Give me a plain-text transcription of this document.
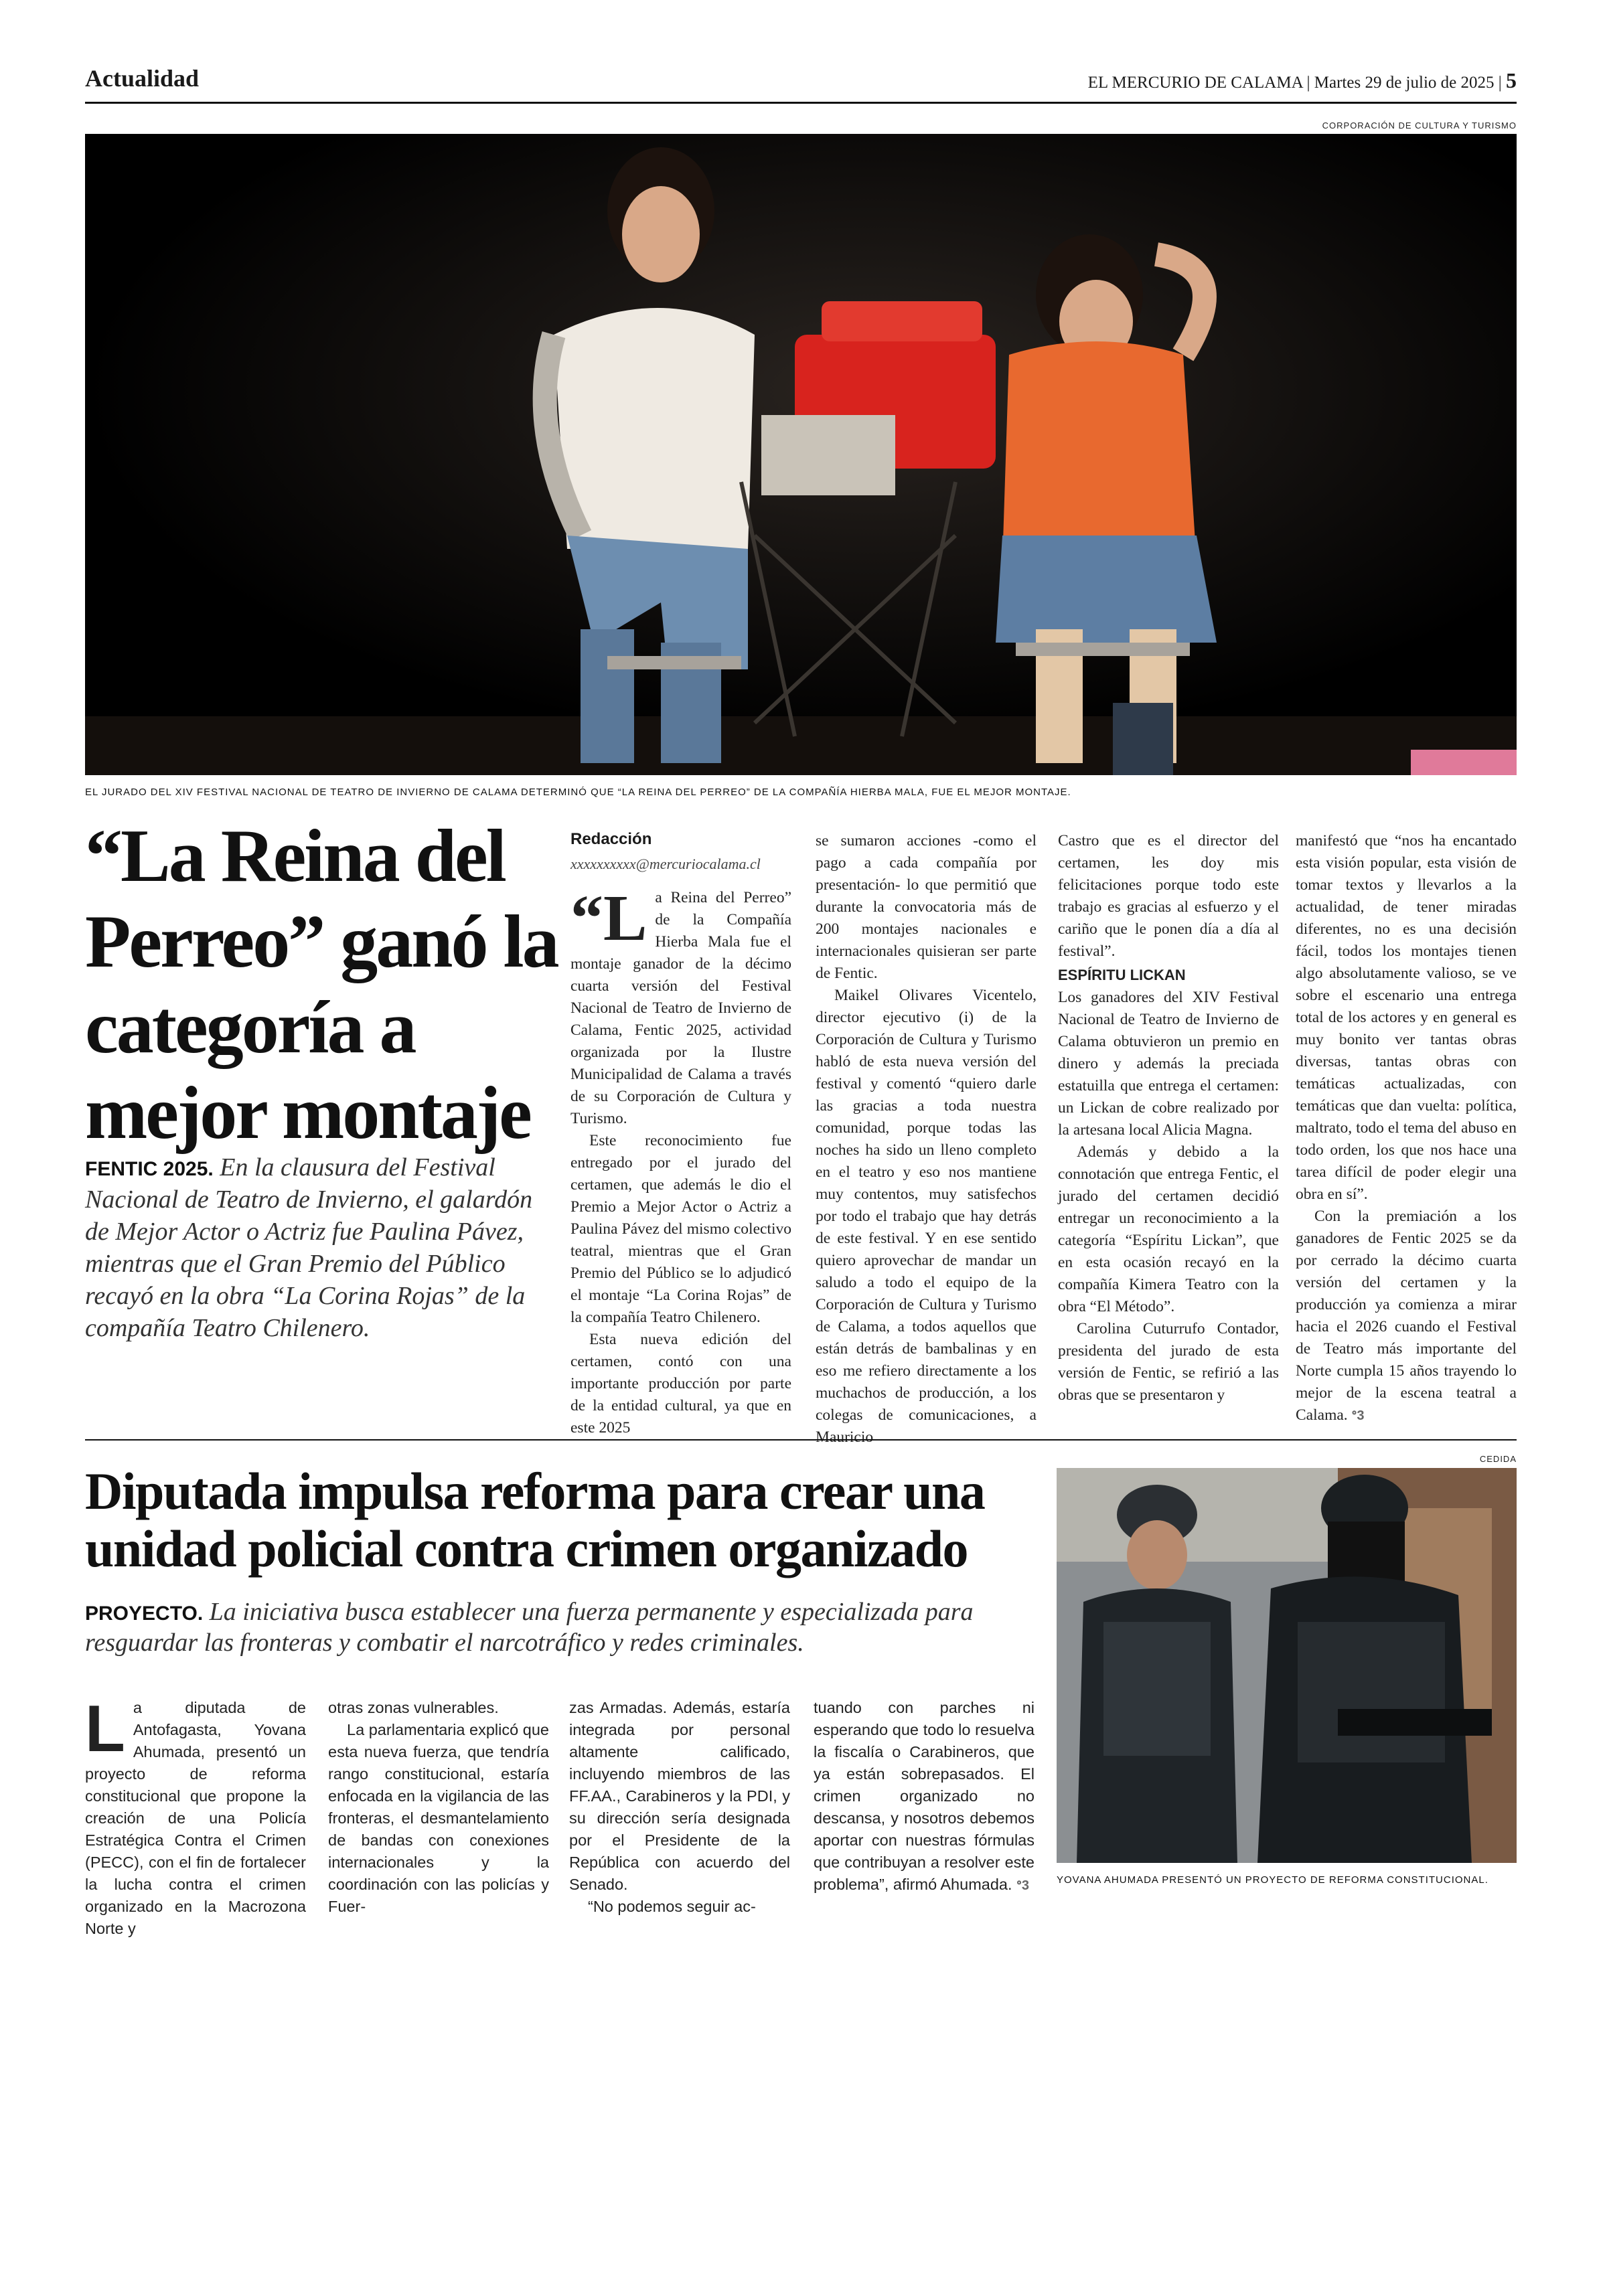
Actualidad	EL MERCURIO DE CALAMA | Martes 29 de julio de 2025 | 5
CORPORACIÓN DE CULTURA Y TURISMO
EL JURADO DEL XIV FESTIVAL NACIONAL DE TEATRO DE INVIERNO DE CALAMA DETERMINÓ QUE “LA REINA DEL PERREO” DE LA COMPAÑÍA HIERBA MALA, FUE EL MEJOR MONTAJE.
“La Reina del Perreo” ganó la categoría a mejor montaje
FENTIC 2025. En la clausura del Festival Nacional de Teatro de Invierno, el galardón de Mejor Actor o Actriz fue Paulina Pávez, mientras que el Gran Premio del Público recayó en la obra “La Corina Rojas” de la compañía Teatro Chilenero.
Redacción
xxxxxxxxxx@mercuriocalama.cl

“L a Reina del Perreo” de la Compañía Hierba Mala fue el montaje ganador de la décimo cuarta versión del Festival Nacional de Teatro de Invierno de Calama, Fentic 2025, actividad organizada por la Ilustre Municipalidad de Calama a través de su Corporación de Cultura y Turismo.

Este reconocimiento fue entregado por el jurado del certamen, que además le dio el Premio a Mejor Actor o Actriz a Paulina Pávez del mismo colectivo teatral, mientras que el Gran Premio del Público se lo adjudicó el montaje “La Corina Rojas” de la compañía Teatro Chilenero.

Esta nueva edición del certamen, contó con una importante producción por parte de la entidad cultural, ya que en este 2025

se sumaron acciones -como el pago a cada compañía por presentación- lo que permitió que durante la convocatoria más de 200 montajes nacionales e internacionales quisieran ser parte de Fentic.

Maikel Olivares Vicentelo, director ejecutivo (i) de la Corporación de Cultura y Turismo habló de esta nueva versión del festival y comentó “quiero darle las gracias a toda nuestra comunidad, porque todas las noches ha sido un lleno completo en el teatro y eso nos mantiene muy contentos, muy satisfechos por todo el trabajo que hay detrás de este festival. Y en ese sentido quiero aprovechar de mandar un saludo a todo el equipo de la Corporación de Cultura y Turismo de Calama, a todos aquellos que están detrás de bambalinas y en eso me refiero directamente a los muchachos de producción, a los colegas de comunicaciones, a Mauricio

Castro que es el director del certamen, les doy mis felicitaciones porque todo este trabajo es gracias al esfuerzo y el cariño que le ponen día a día al festival”.

ESPÍRITU LICKAN

Los ganadores del XIV Festival Nacional de Teatro de Invierno de Calama obtuvieron un premio en dinero y además la preciada estatuilla que entrega el certamen: un Lickan de cobre realizado por la artesana local Alicia Magna.

Además y debido a la connotación que entrega Fentic, el jurado del certamen decidió entregar un reconocimiento a la categoría “Espíritu Lickan”, que en esta ocasión recayó en la compañía Kimera Teatro con la obra “El Método”.

Carolina Cuturrufo Contador, presidenta del jurado de esta versión de Fentic, se refirió a las obras que se presentaron y

manifestó que “nos ha encantado esta visión popular, esta visión de tomar textos y llevarlos a la actualidad, de tener miradas diferentes, no es una decisión fácil, todos los montajes tienen algo absolutamente valioso, se ve sobre el escenario una entrega total de los actores y en general es muy bonito ver tantas obras diversas, tantas obras con temáticas actualizadas, con temáticas que dan vuelta: política, maltrato, todo el tema del abuso en todo orden, los que nos hace una tarea difícil de poder elegir una obra en sí”.

Con la premiación a los ganadores de Fentic 2025 se da por cerrado la décimo cuarta versión del certamen y la producción ya comienza a mirar hacia el 2026 cuando el Festival de Teatro más importante del Norte cumpla 15 años trayendo lo mejor de la escena teatral a Calama. ᐤ3

Diputada impulsa reforma para crear una unidad policial contra crimen organizado
PROYECTO. La iniciativa busca establecer una fuerza permanente y especializada para resguardar las fronteras y combatir el narcotráfico y redes criminales.
CEDIDA
YOVANA AHUMADA PRESENTÓ UN PROYECTO DE REFORMA CONSTITUCIONAL.

La diputada de Antofagasta, Yovana Ahumada, presentó un proyecto de reforma constitucional que propone la creación de una Policía Estratégica Contra el Crimen (PECC), con el fin de fortalecer la lucha contra el crimen organizado en la Macrozona Norte y

otras zonas vulnerables.

La parlamentaria explicó que esta nueva fuerza, que tendría rango constitucional, estaría enfocada en la vigilancia de las fronteras, el desmantelamiento de bandas con conexiones internacionales y la coordinación con las policías y Fuer-

zas Armadas. Además, estaría integrada por personal altamente calificado, incluyendo miembros de las FF.AA., Carabineros y la PDI, y su dirección sería designada por el Presidente de la República con acuerdo del Senado.

“No podemos seguir ac-

tuando con parches ni esperando que todo lo resuelva la fiscalía o Carabineros, que ya están sobrepasados. El crimen organizado no descansa, y nosotros debemos aportar con nuestras fórmulas que contribuyan a resolver este problema”, afirmó Ahumada. ᐤ3
